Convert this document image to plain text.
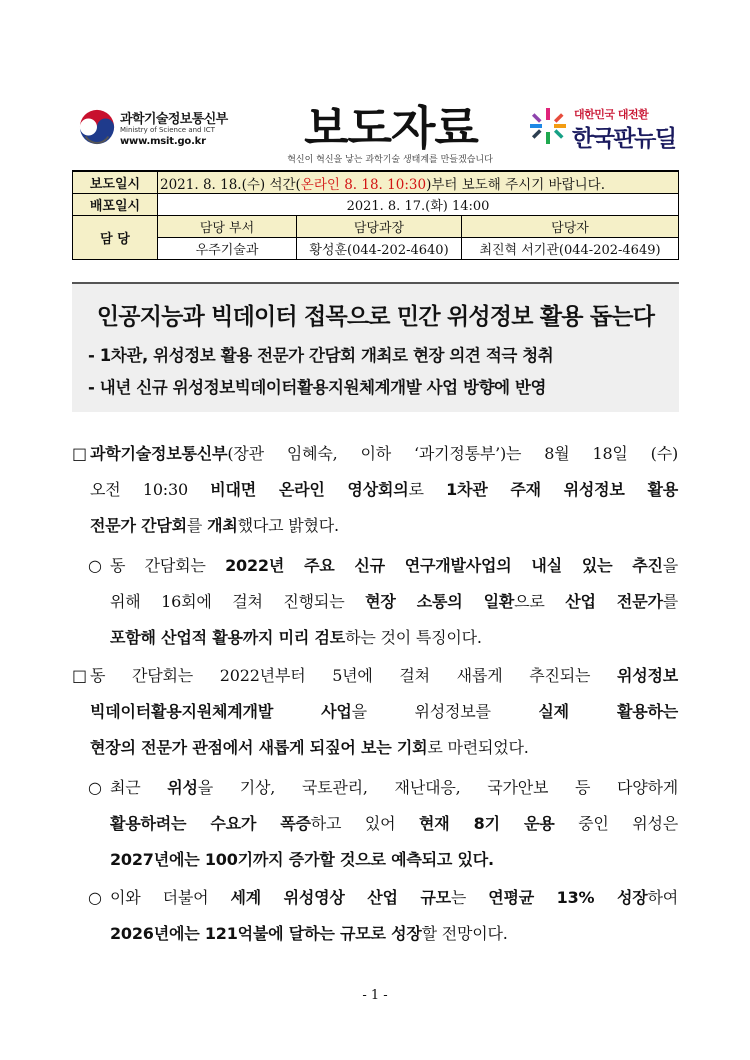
과학기술정보통신부
Ministry of Science and ICT
www.msit.go.kr 보도자료
혁신이 혁신을 낳는 과학기술 생태계를 만들겠습니다
대한민국 대전환
한국판뉴딜
보도일시	2021. 8. 18.(수) 석간(온라인 8. 18. 10:30)부터 보도해 주시기 바랍니다.		
배포일시	2021. 8. 17.(화) 14:00		
담 당	담당 부서	담당과장	담당자
	우주기술과	황성훈(044-202-4640)	최진혁 서기관(044-202-4649)
인공지능과 빅데이터 접목으로 민간 위성정보 활용 돕는다
- 1차관, 위성정보 활용 전문가 간담회 개최로 현장 의견 적극 청취
- 내년 신규 위성정보빅데이터활용지원체계개발 사업 방향에 반영
□ 과학기술정보통신부(장관 임혜숙, 이하 ‘과기정통부’)는 8월 18일 (수)
오전 10:30 비대면 온라인 영상회의로 1차관 주재 위성정보 활용
전문가 간담회를 개최했다고 밝혔다.
○ 동 간담회는 2022년 주요 신규 연구개발사업의 내실 있는 추진을
위해 16회에 걸쳐 진행되는 현장 소통의 일환으로 산업 전문가를
포함해 산업적 활용까지 미리 검토하는 것이 특징이다.
□ 동 간담회는 2022년부터 5년에 걸쳐 새롭게 추진되는 위성정보
빅데이터활용지원체계개발 사업을 위성정보를 실제 활용하는
현장의 전문가 관점에서 새롭게 되짚어 보는 기회로 마련되었다.
○ 최근 위성을 기상, 국토관리, 재난대응, 국가안보 등 다양하게
활용하려는 수요가 폭증하고 있어 현재 8기 운용 중인 위성은
2027년에는 100기까지 증가할 것으로 예측되고 있다.
○ 이와 더불어 세계 위성영상 산업 규모는 연평균 13% 성장하여
2026년에는 121억불에 달하는 규모로 성장할 전망이다.
- 1 -
